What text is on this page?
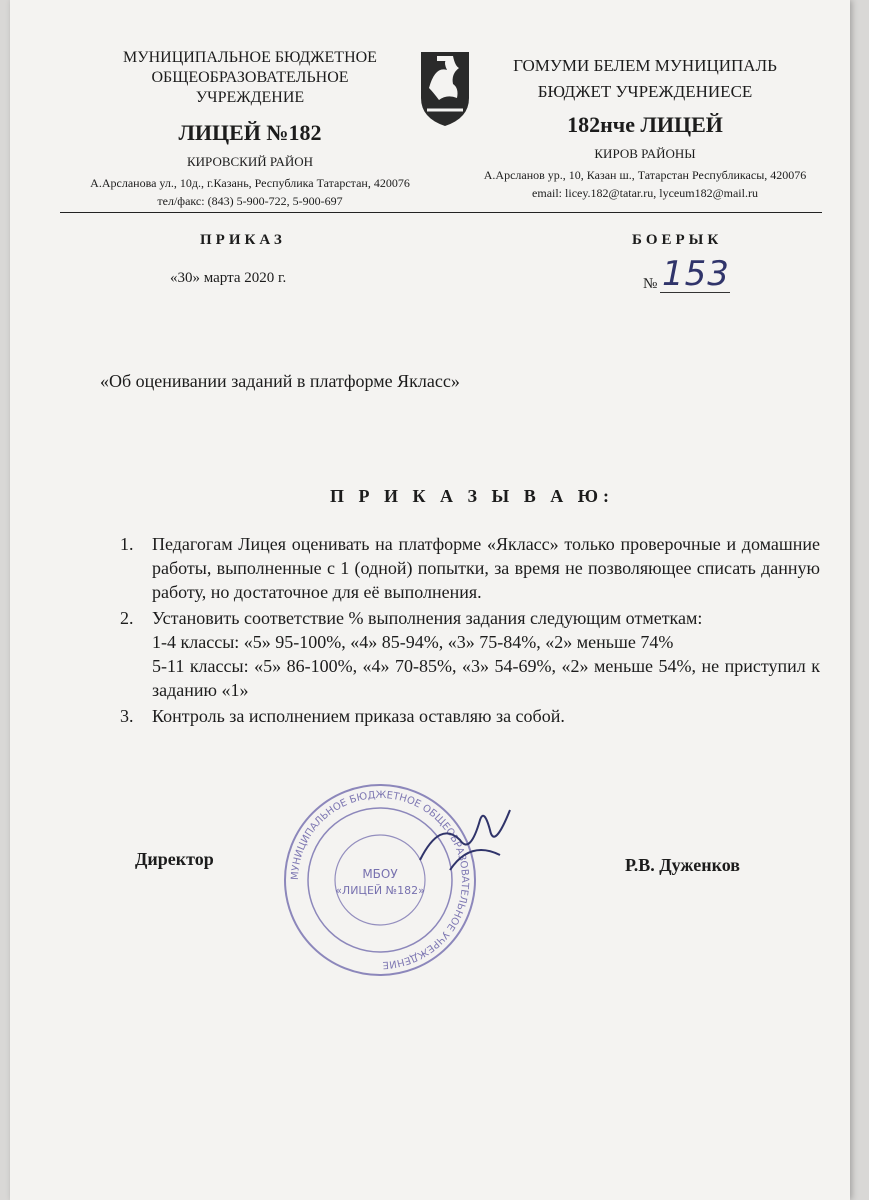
МУНИЦИПАЛЬНОЕ БЮДЖЕТНОЕ

ОБЩЕОБРАЗОВАТЕЛЬНОЕ

УЧРЕЖДЕНИЕ

ЛИЦЕЙ №182

КИРОВСКИЙ РАЙОН

А.Арсланова ул., 10д., г.Казань, Республика Татарстан, 420076

тел/факс: (843) 5-900-722, 5-900-697

ГОМУМИ БЕЛЕМ МУНИЦИПАЛЬ

БЮДЖЕТ УЧРЕЖДЕНИЕСЕ

182нче ЛИЦЕЙ

КИРОВ РАЙОНЫ

А.Арсланов ур., 10, Казан ш., Татарстан Республикасы, 420076

email: licey.182@tatar.ru, lyceum182@mail.ru

ПРИКАЗ	БОЕРЫК
«30» марта 2020 г.	№ 153
«Об оценивании заданий в платформе Якласс»
П Р И К А З Ы В А Ю:
1. Педагогам Лицея оценивать на платформе «Якласс» только проверочные и домашние работы, выполненные с 1 (одной) попытки, за время не позволяющее списать данную работу, но достаточное для её выполнения.
2. Установить соответствие % выполнения задания следующим отметкам:
1-4 классы: «5» 95-100%, «4» 85-94%, «3» 75-84%, «2» меньше 74%
5-11 классы: «5» 86-100%, «4» 70-85%, «3» 54-69%, «2» меньше 54%, не приступил к заданию «1»
3. Контроль за исполнением приказа оставляю за собой.
МУНИЦИПАЛЬНОЕ БЮДЖЕТНОЕ ОБЩЕОБРАЗОВАТЕЛЬНОЕ УЧРЕЖДЕНИЕ
МБОУ
«ЛИЦЕЙ №182»
Директор	Р.В. Дуженков
